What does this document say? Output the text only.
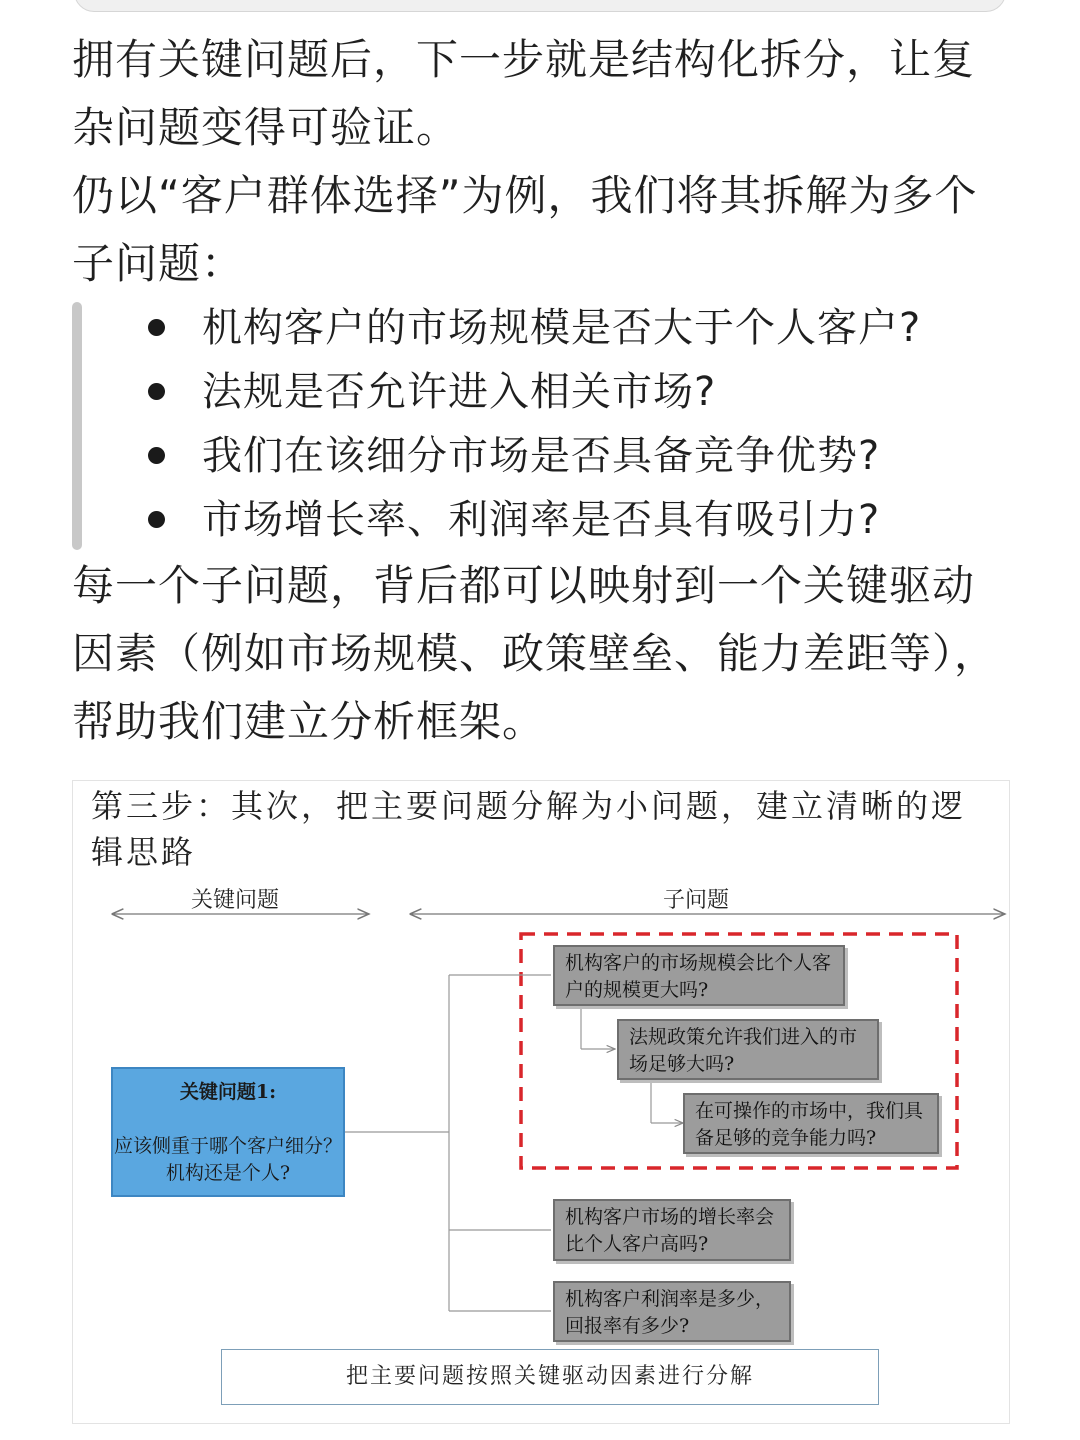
拥有关键问题后，下一步就是结构化拆分，让复杂问题变得可验证。

仍以“客户群体选择”为例，我们将其拆解为多个子问题：

机构客户的市场规模是否大于个人客户?
法规是否允许进入相关市场?
我们在该细分市场是否具备竞争优势?
市场增长率、利润率是否具有吸引力?

每一个子问题，背后都可以映射到一个关键驱动因素（例如市场规模、政策壁垒、能力差距等），帮助我们建立分析框架。

第三步：其次，把主要问题分解为小问题，建立清晰的逻辑思路
关键问题	子问题
关键问题1:
应该侧重于哪个客户细分？机构还是个人?
机构客户的市场规模会比个人客户的规模更大吗?
法规政策允许我们进入的市场足够大吗?
在可操作的市场中，我们具备足够的竞争能力吗?
机构客户市场的增长率会比个人客户高吗?
机构客户利润率是多少，回报率有多少?
把主要问题按照关键驱动因素进行分解
